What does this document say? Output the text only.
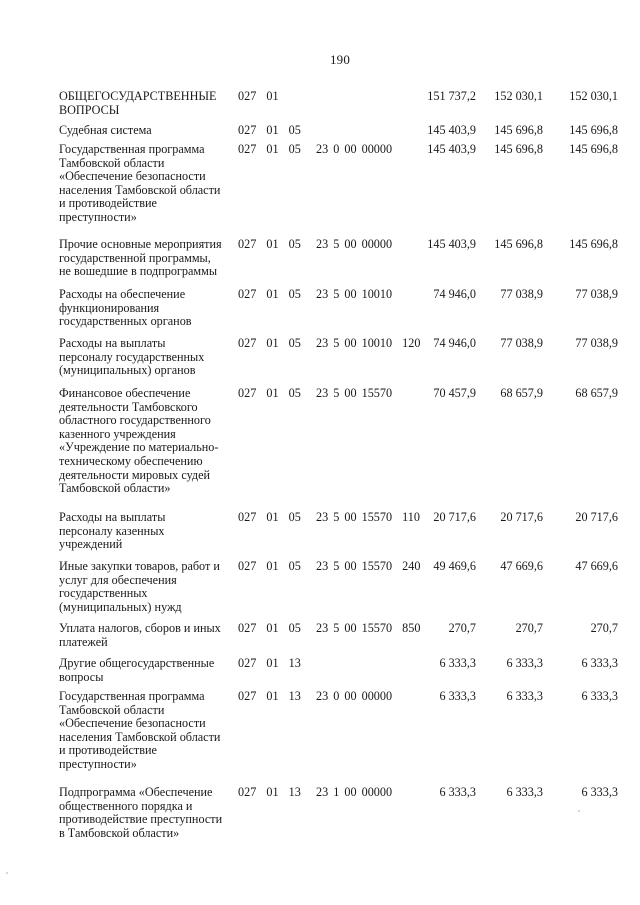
190
ОБЩЕГОСУДАРСТВЕННЫЕ
ВОПРОСЫ
027  01	151 737,2	152 030,1	152 030,1
Судебная система	027  01  05	145 403,9	145 696,8	145 696,8
Государственная программа
Тамбовской области
«Обеспечение безопасности
населения Тамбовской области
и противодействие
преступности»
027  01  05   23 0 00 00000	145 403,9	145 696,8	145 696,8
Прочие основные мероприятия
государственной программы,
не вошедшие в подпрограммы
027  01  05   23 5 00 00000	145 403,9	145 696,8	145 696,8
Расходы на обеспечение
функционирования
государственных органов
027  01  05   23 5 00 10010	74 946,0	77 038,9	77 038,9
Расходы на выплаты
персоналу государственных
(муниципальных) органов
027  01  05   23 5 00 10010  120	74 946,0	77 038,9	77 038,9
Финансовое обеспечение
деятельности Тамбовского
областного государственного
казенного учреждения
«Учреждение по материально-
техническому обеспечению
деятельности мировых судей
Тамбовской области»
027  01  05   23 5 00 15570	70 457,9	68 657,9	68 657,9
Расходы на выплаты
персоналу казенных
учреждений
027  01  05   23 5 00 15570  110	20 717,6	20 717,6	20 717,6
Иные закупки товаров, работ и
услуг для обеспечения
государственных
(муниципальных) нужд
027  01  05   23 5 00 15570  240	49 469,6	47 669,6	47 669,6
Уплата налогов, сборов и иных
платежей
027  01  05   23 5 00 15570  850	270,7	270,7	270,7
Другие общегосударственные
вопросы
027  01  13	6 333,3	6 333,3	6 333,3
Государственная программа
Тамбовской области
«Обеспечение безопасности
населения Тамбовской области
и противодействие
преступности»
027  01  13   23 0 00 00000	6 333,3	6 333,3	6 333,3
Подпрограмма «Обеспечение
общественного порядка и
противодействие преступности
в Тамбовской области»
027  01  13   23 1 00 00000	6 333,3	6 333,3	6 333,3
